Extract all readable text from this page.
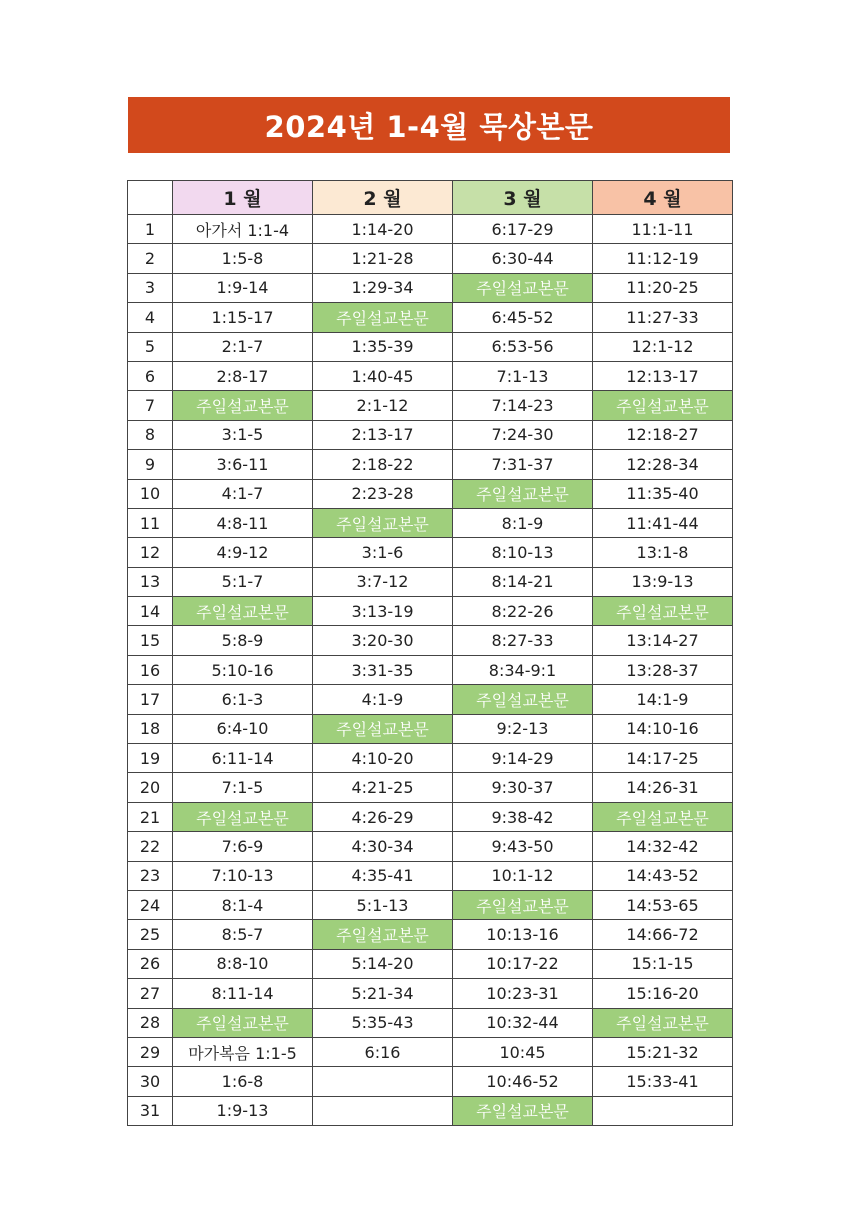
2024년 1-4월 묵상본문
	1 월	2 월	3 월	4 월
1	아가서 1:1-4	1:14-20	6:17-29	11:1-11
2	1:5-8	1:21-28	6:30-44	11:12-19
3	1:9-14	1:29-34	주일설교본문	11:20-25
4	1:15-17	주일설교본문	6:45-52	11:27-33
5	2:1-7	1:35-39	6:53-56	12:1-12
6	2:8-17	1:40-45	7:1-13	12:13-17
7	주일설교본문	2:1-12	7:14-23	주일설교본문
8	3:1-5	2:13-17	7:24-30	12:18-27
9	3:6-11	2:18-22	7:31-37	12:28-34
10	4:1-7	2:23-28	주일설교본문	11:35-40
11	4:8-11	주일설교본문	8:1-9	11:41-44
12	4:9-12	3:1-6	8:10-13	13:1-8
13	5:1-7	3:7-12	8:14-21	13:9-13
14	주일설교본문	3:13-19	8:22-26	주일설교본문
15	5:8-9	3:20-30	8:27-33	13:14-27
16	5:10-16	3:31-35	8:34-9:1	13:28-37
17	6:1-3	4:1-9	주일설교본문	14:1-9
18	6:4-10	주일설교본문	9:2-13	14:10-16
19	6:11-14	4:10-20	9:14-29	14:17-25
20	7:1-5	4:21-25	9:30-37	14:26-31
21	주일설교본문	4:26-29	9:38-42	주일설교본문
22	7:6-9	4:30-34	9:43-50	14:32-42
23	7:10-13	4:35-41	10:1-12	14:43-52
24	8:1-4	5:1-13	주일설교본문	14:53-65
25	8:5-7	주일설교본문	10:13-16	14:66-72
26	8:8-10	5:14-20	10:17-22	15:1-15
27	8:11-14	5:21-34	10:23-31	15:16-20
28	주일설교본문	5:35-43	10:32-44	주일설교본문
29	마가복음 1:1-5	6:16	10:45	15:21-32
30	1:6-8		10:46-52	15:33-41
31	1:9-13		주일설교본문	
